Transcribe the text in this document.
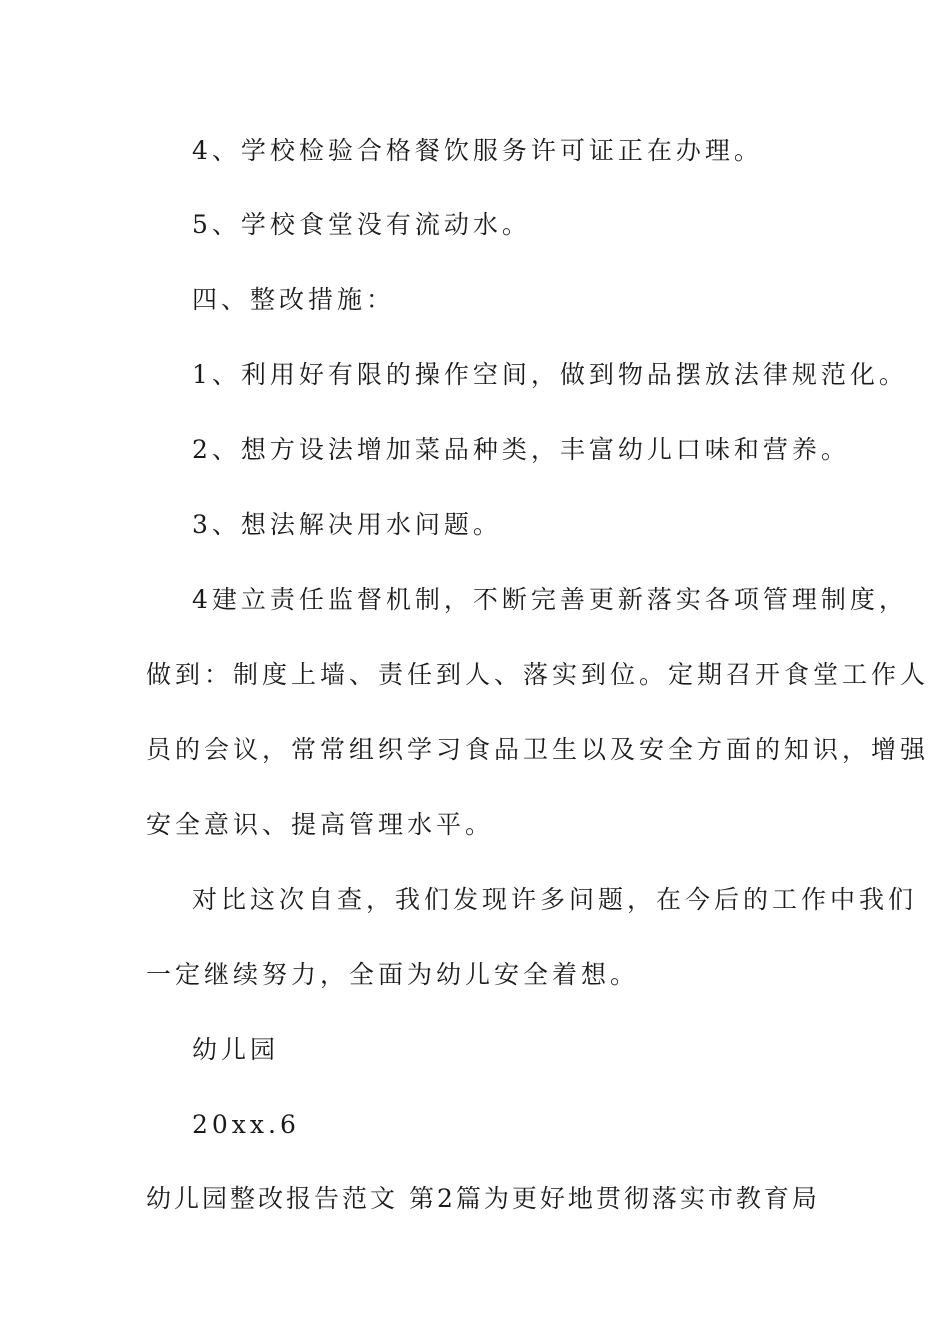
4、学校检验合格餐饮服务许可证正在办理。
5、学校食堂没有流动水。
四、整改措施：
1、利用好有限的操作空间，做到物品摆放法律规范化。
2、想方设法增加菜品种类，丰富幼儿口味和营养。
3、想法解决用水问题。
4建立责任监督机制，不断完善更新落实各项管理制度，
做到：制度上墙、责任到人、落实到位。定期召开食堂工作人
员的会议，常常组织学习食品卫生以及安全方面的知识，增强
安全意识、提高管理水平。
对比这次自查，我们发现许多问题，在今后的工作中我们
一定继续努力，全面为幼儿安全着想。
幼儿园
20xx.6
幼儿园整改报告范文 第2篇 为更好地贯彻落实市教育局
